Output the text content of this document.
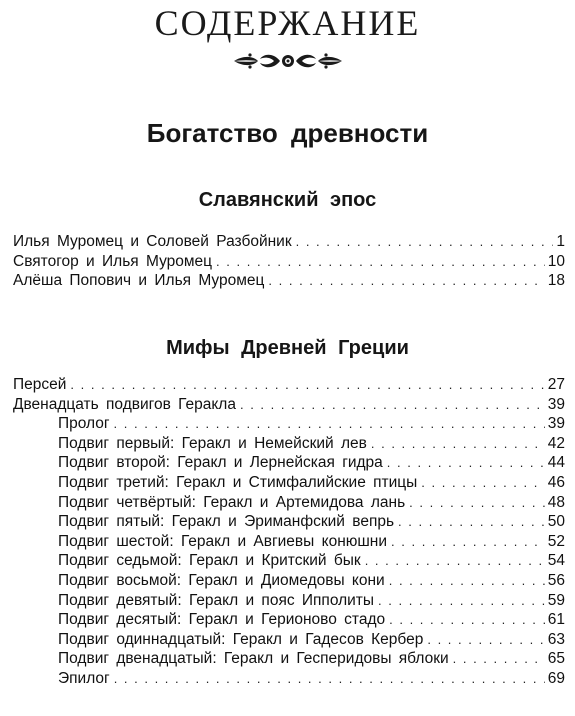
СОДЕРЖАНИЕ
Богатство древности
Славянский эпос
Илья Муромец и Соловей Разбойник . . .	1
Святогор и Илья Муромец . . .	10
Алёша Попович и Илья Муромец . . .	18
Мифы Древней Греции
Персей . . .	27
Двенадцать подвигов Геракла . . .	39
Пролог . . .	39
Подвиг первый: Геракл и Немейский лев . . .	42
Подвиг второй: Геракл и Лернейская гидра . . .	44
Подвиг третий: Геракл и Стимфалийские птицы . . .	46
Подвиг четвёртый: Геракл и Артемидова лань . . .	48
Подвиг пятый: Геракл и Эриманфский вепрь . . .	50
Подвиг шестой: Геракл и Авгиевы конюшни . . .	52
Подвиг седьмой: Геракл и Критский бык . . .	54
Подвиг восьмой: Геракл и Диомедовы кони . . .	56
Подвиг девятый: Геракл и пояс Ипполиты . . .	59
Подвиг десятый: Геракл и Герионово стадо . . .	61
Подвиг одиннадцатый: Геракл и Гадесов Кербер . . .	63
Подвиг двенадцатый: Геракл и Гесперидовы яблоки . . .	65
Эпилог . . .	69
